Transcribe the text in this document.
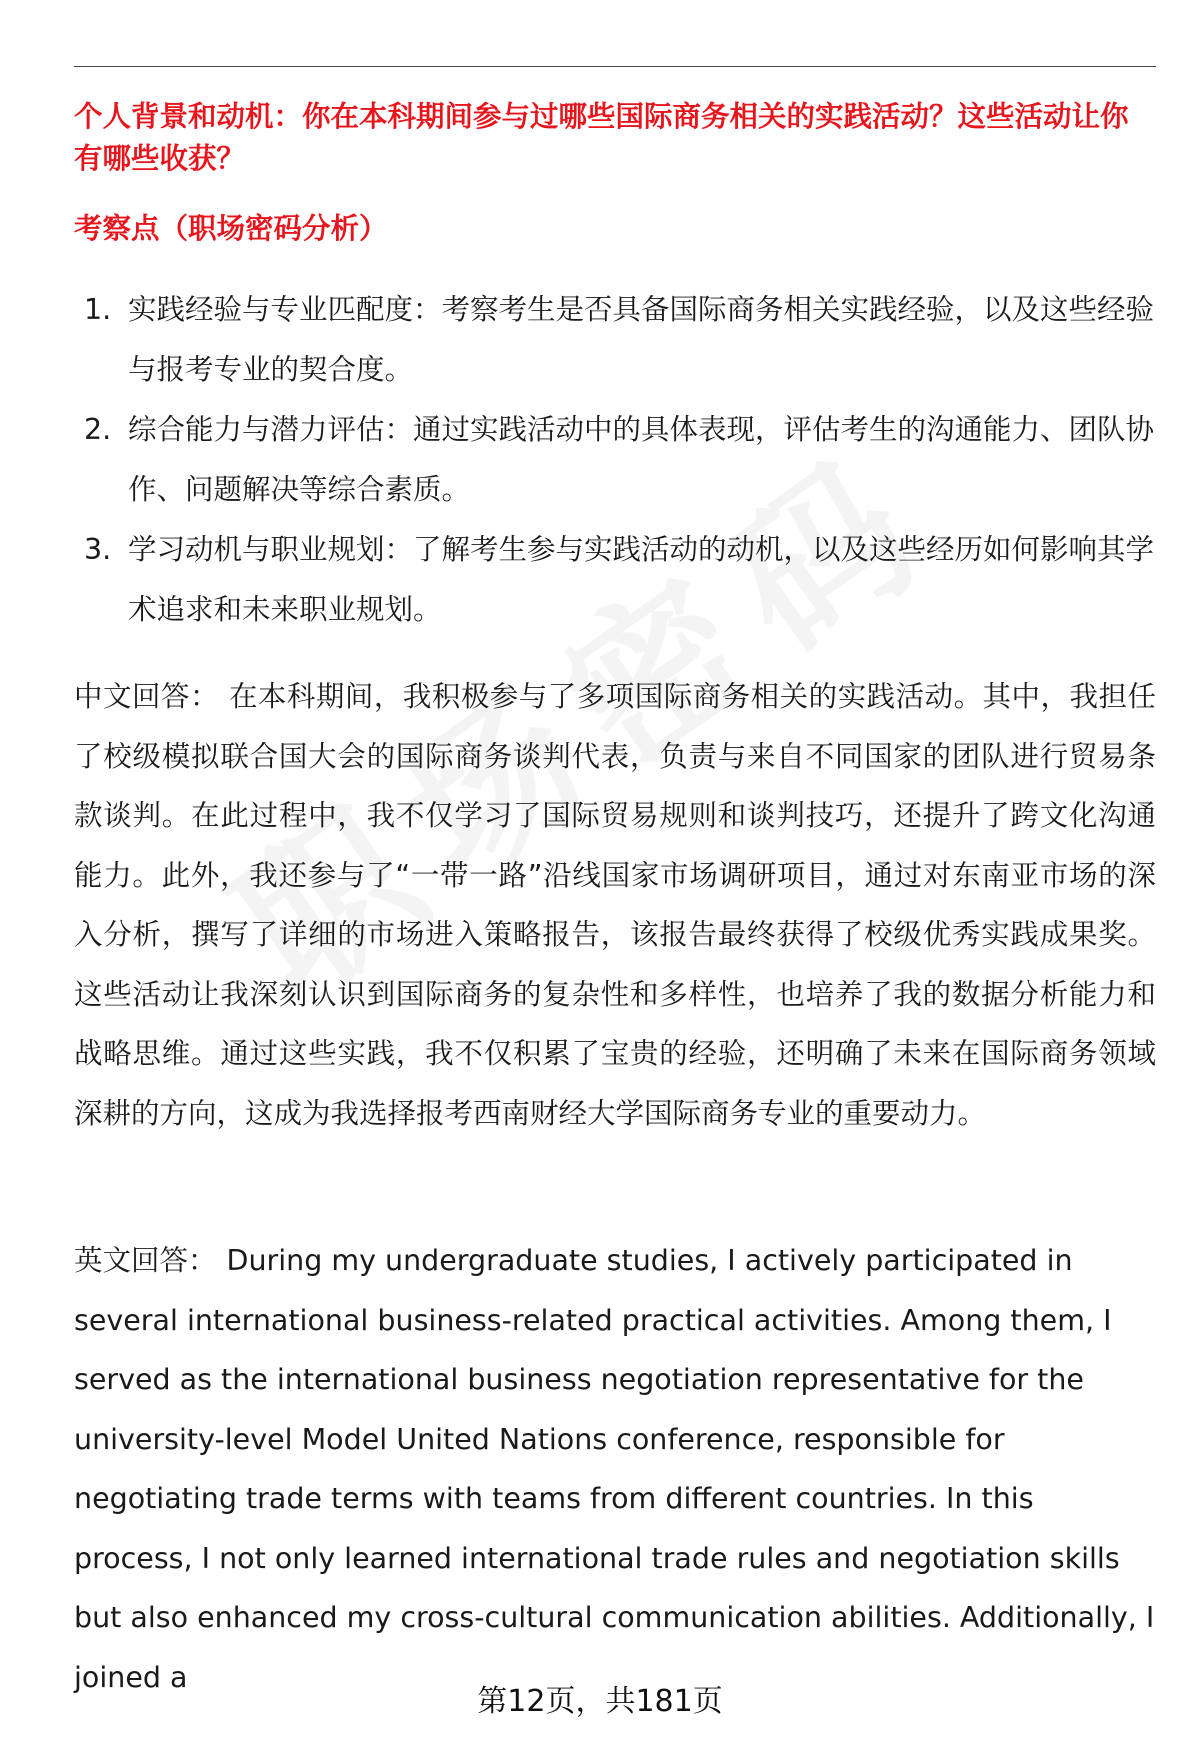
个人背景和动机：你在本科期间参与过哪些国际商务相关的实践活动？这些活动让你有哪些收获？
考察点（职场密码分析）
1. 实践经验与专业匹配度：考察考生是否具备国际商务相关实践经验，以及这些经验与报考专业的契合度。
2. 综合能力与潜力评估：通过实践活动中的具体表现，评估考生的沟通能力、团队协作、问题解决等综合素质。
3. 学习动机与职业规划：了解考生参与实践活动的动机，以及这些经历如何影响其学术追求和未来职业规划。

中文回答： 在本科期间，我积极参与了多项国际商务相关的实践活动。其中，我担任了校级模拟联合国大会的国际商务谈判代表，负责与来自不同国家的团队进行贸易条款谈判。在此过程中，我不仅学习了国际贸易规则和谈判技巧，还提升了跨文化沟通能力。此外，我还参与了“一带一路”沿线国家市场调研项目，通过对东南亚市场的深入分析，撰写了详细的市场进入策略报告，该报告最终获得了校级优秀实践成果奖。这些活动让我深刻认识到国际商务的复杂性和多样性，也培养了我的数据分析能力和战略思维。通过这些实践，我不仅积累了宝贵的经验，还明确了未来在国际商务领域深耕的方向，这成为我选择报考西南财经大学国际商务专业的重要动力。

英文回答： During my undergraduate studies, I actively participated in several international business-related practical activities. Among them, I served as the international business negotiation representative for the university-level Model United Nations conference, responsible for negotiating trade terms with teams from different countries. In this process, I not only learned international trade rules and negotiation skills but also enhanced my cross-cultural communication abilities. Additionally, I joined a

第12页，共181页
